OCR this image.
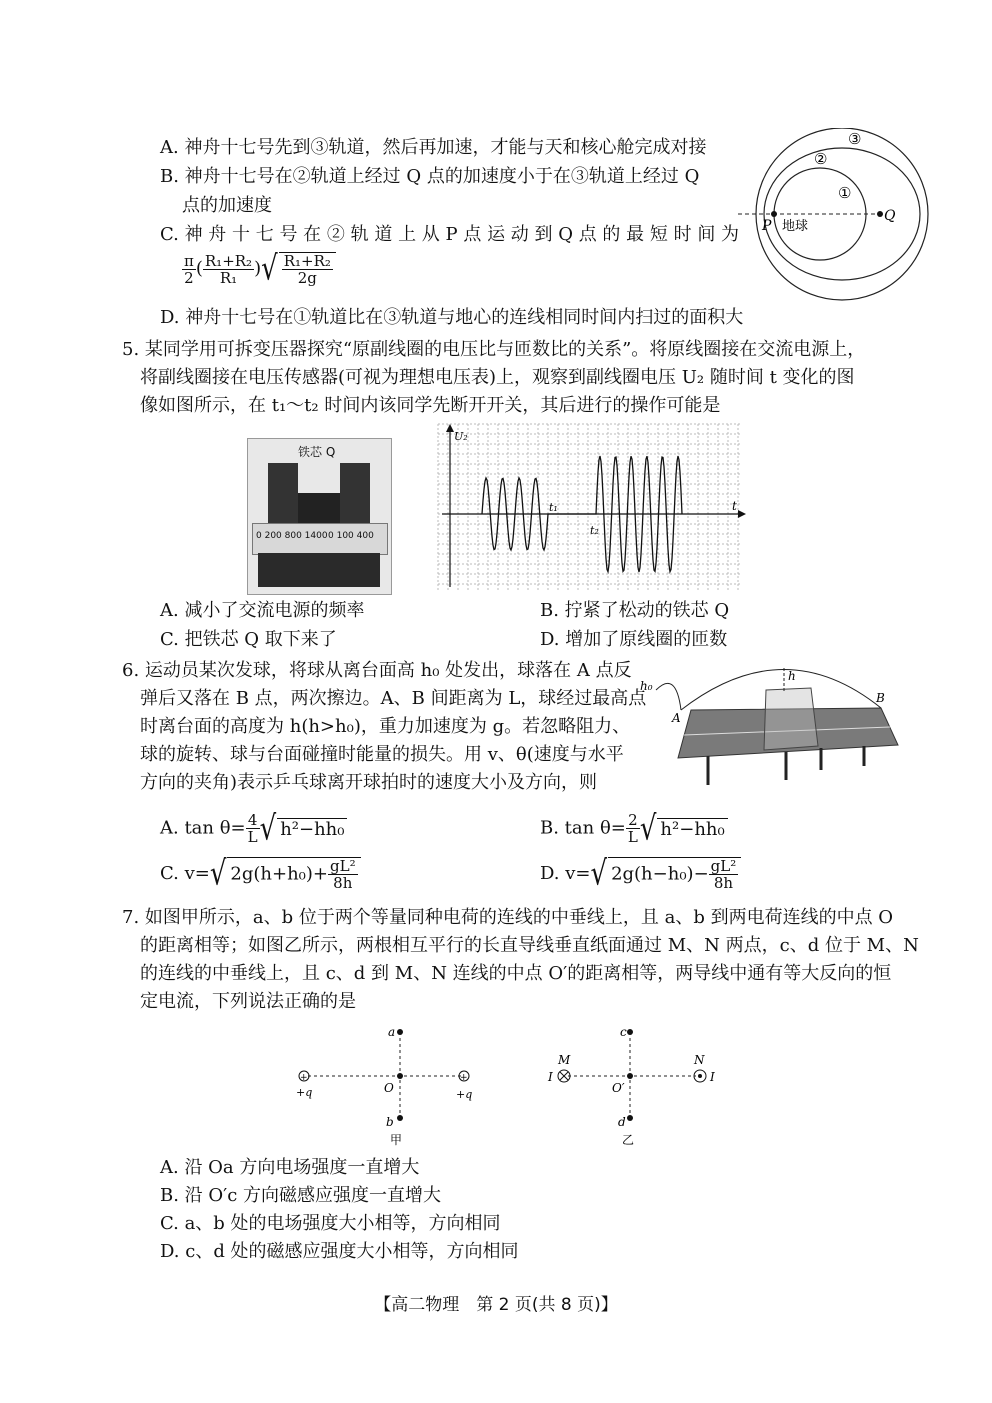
A. 神舟十七号先到③轨道，然后再加速，才能与天和核心舱完成对接
B. 神舟十七号在②轨道上经过 Q 点的加速度小于在③轨道上经过 Q
点的加速度
C. 神 舟 十 七 号 在 ② 轨 道 上 从 P 点 运 动 到 Q 点 的 最 短 时 间 为
$\frac{\pi}{2}$ ( $\frac{\text{R₁+R₂}}{\text{R₁}}$ )√ $\frac{\text{R₁+R₂}}{2g}$
D. 神舟十七号在①轨道比在③轨道与地心的连线相同时间内扫过的面积大
③
②
①
P
Q
地球
5. 某同学用可拆变压器探究“原副线圈的电压比与匝数比的关系”。将原线圈接在交流电源上，
将副线圈接在电压传感器(可视为理想电压表)上，观察到副线圈电压 U₂ 随时间 t 变化的图
像如图所示，在 t₁～t₂ 时间内该同学先断开开关，其后进行的操作可能是
铁芯 Q
0 200 800 1400 0 100 400
U₂
t
t₁
t₂
A. 减小了交流电源的频率	B. 拧紧了松动的铁芯 Q
C. 把铁芯 Q 取下来了	D. 增加了原线圈的匝数
6. 运动员某次发球，将球从离台面高 h₀ 处发出，球落在 A 点反
弹后又落在 B 点，两次擦边。A、B 间距离为 L，球经过最高点
时离台面的高度为 h(h>h₀)，重力加速度为 g。若忽略阻力、
球的旋转、球与台面碰撞时能量的损失。用 v、θ(速度与水平
方向的夹角)表示乒乓球离开球拍时的速度大小及方向，则
h₀
h
A
B
A. $\tan \theta= \frac{4}{L}$ √ h²−hh₀	B. $\tan \theta= \frac{2}{L}$ √ h²−hh₀
C. v=√ $2g(h+h_0)+ \frac{\text{gL²}}{8h}$	D. v=√ $2g(h-h_0)- \frac{\text{gL²}}{8h}$
7. 如图甲所示，a、b 位于两个等量同种电荷的连线的中垂线上，且 a、b 到两电荷连线的中点 O
的距离相等；如图乙所示，两根相互平行的长直导线垂直纸面通过 M、N 两点，c、d 位于 M、N
的连线的中垂线上，且 c、d 到 M、N 连线的中点 O′的距离相等，两导线中通有等大反向的恒
定电流，下列说法正确的是
+	+
a
b
O
+q	+q
甲
c
d
O′
M	N
I	I
乙
A. 沿 Oa 方向电场强度一直增大
B. 沿 O′c 方向磁感应强度一直增大
C. a、b 处的电场强度大小相等，方向相同
D. c、d 处的磁感应强度大小相等，方向相同
【高二物理　第 2 页(共 8 页)】
